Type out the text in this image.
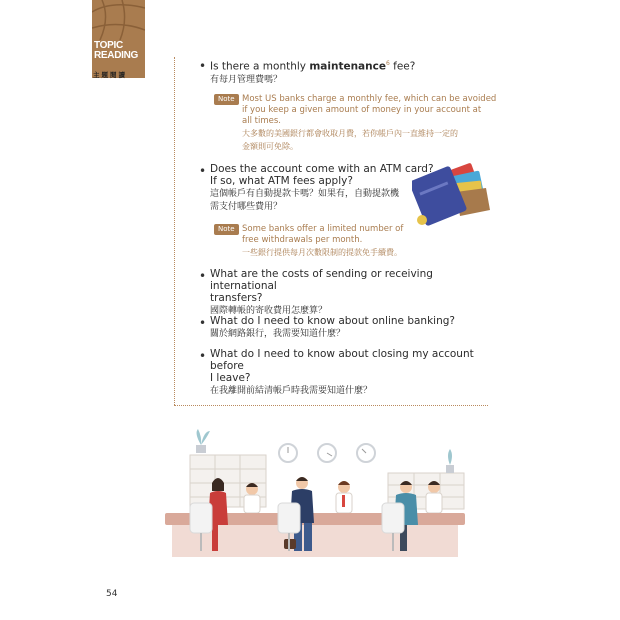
TOPIC
READING
主題閱讀
• Is there a monthly maintenance$^6$ fee?
有每月管理費嗎？
Note Most US banks charge a monthly fee, which can be avoided
if you keep a given amount of money in your account at
all times.
大多數的美國銀行都會收取月費，若你帳戶內一直維持一定的
金額則可免除。
• Does the account come with an ATM card?
If so, what ATM fees apply?
這個帳戶有自動提款卡嗎？如果有，自動提款機
需支付哪些費用？
Note Some banks offer a limited number of
free withdrawals per month.
一些銀行提供每月次數限制的提款免手續費。
• What are the costs of sending or receiving international
transfers?
國際轉帳的寄收費用怎麼算？
• What do I need to know about online banking?
關於網路銀行，我需要知道什麼？
• What do I need to know about closing my account before
I leave?
在我離開前結清帳戶時我需要知道什麼？
54
